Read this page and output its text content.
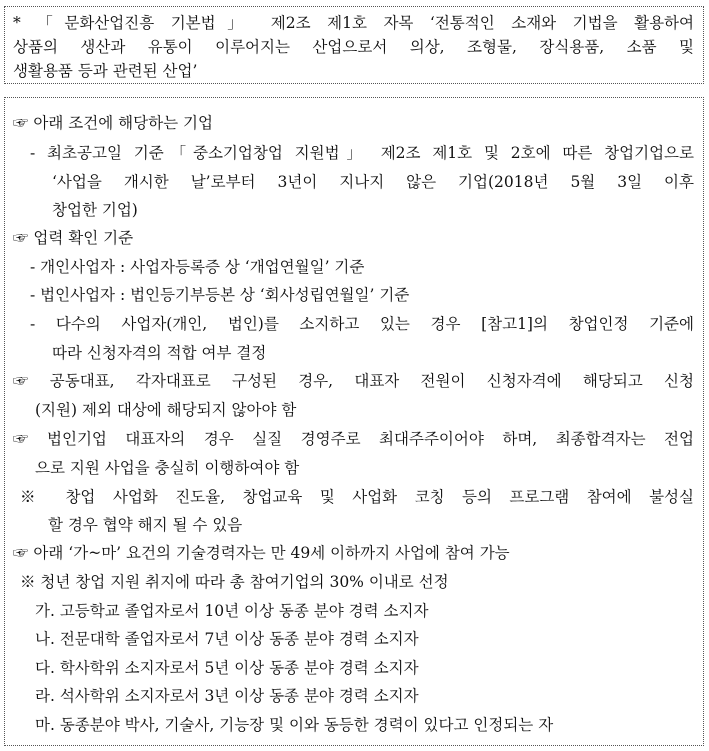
* 「문화산업진흥 기본법」 제2조 제1호 자목 ‘전통적인 소재와 기법을 활용하여
상품의 생산과 유통이 이루어지는 산업으로서 의상, 조형물, 장식용품, 소품 및
생활용품 등과 관련된 산업’
☞ 아래 조건에 해당하는 기업
- 최초공고일 기준「중소기업창업 지원법」 제2조 제1호 및 2호에 따른 창업기업으로
‘사업을 개시한 날’로부터 3년이 지나지 않은 기업(2018년 5월 3일 이후
창업한 기업)
☞ 업력 확인 기준
- 개인사업자 : 사업자등록증 상 ‘개업연월일’ 기준
- 법인사업자 : 법인등기부등본 상 ‘회사성립연월일’ 기준
- 다수의 사업자(개인, 법인)를 소지하고 있는 경우 [참고1]의 창업인정 기준에
따라 신청자격의 적합 여부 결정
☞ 공동대표, 각자대표로 구성된 경우, 대표자 전원이 신청자격에 해당되고 신청
(지원) 제외 대상에 해당되지 않아야 함
☞ 법인기업 대표자의 경우 실질 경영주로 최대주주이어야 하며, 최종합격자는 전업
으로 지원 사업을 충실히 이행하여야 함
※ 창업 사업화 진도율, 창업교육 및 사업화 코칭 등의 프로그램 참여에 불성실
할 경우 협약 해지 될 수 있음
☞ 아래 ‘가~마’ 요건의 기술경력자는 만 49세 이하까지 사업에 참여 가능
※ 청년 창업 지원 취지에 따라 총 참여기업의 30% 이내로 선정
가. 고등학교 졸업자로서 10년 이상 동종 분야 경력 소지자
나. 전문대학 졸업자로서 7년 이상 동종 분야 경력 소지자
다. 학사학위 소지자로서 5년 이상 동종 분야 경력 소지자
라. 석사학위 소지자로서 3년 이상 동종 분야 경력 소지자
마. 동종분야 박사, 기술사, 기능장 및 이와 동등한 경력이 있다고 인정되는 자
